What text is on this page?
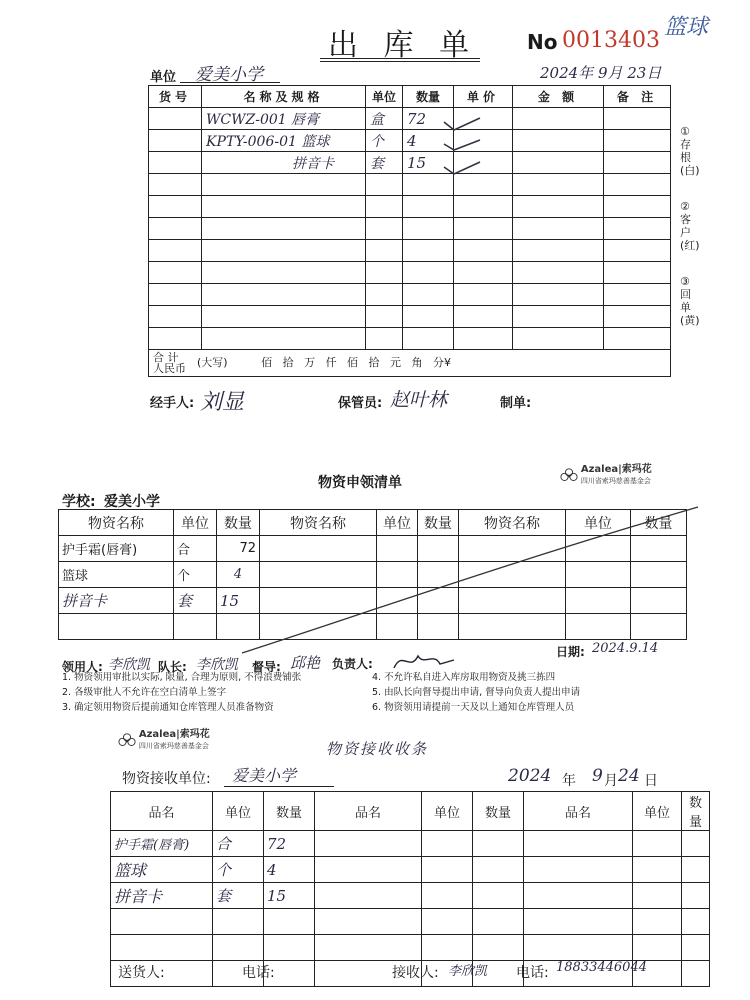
出 库 单 No 0013403
篮球
单位 爱美小学	2024年 9月 23日
货号	名称及规格	单位	数量	单价	金 额	备 注
	WCWZ-001 唇膏	盒	72			
	KPTY-006-01 篮球	个	4			
	拼音卡	套	15			

合 计
人民币 (大写) 佰   拾   万   仟   佰   拾   元   角   分¥						
①存根(白)
②客户(红)
③回单(黄)
经手人: 刘显	保管员: 赵叶林	制单:
物资申领清单
Azalea|索玛花
四川省索玛慈善基金会
学校: 爱美小学
物资名称	单位	数量	物资名称	单位	数量	物资名称	单位	数量
护手霜(唇膏)	合	72						
篮球	个	4						
拼音卡	套	15						

日期: 2024.9.14
领用人: 李欣凯 队长: 李欣凯 督导: 邱艳 负责人:
1. 物资领用审批以实际, 限量, 合理为原则, 不得浪费铺张
2. 各级审批人不允许在空白清单上签字
3. 确定领用物资后提前通知仓库管理人员准备物资
4. 不允许私自进入库房取用物资及挑三拣四
5. 由队长向督导提出申请, 督导向负责人提出申请
6. 物资领用请提前一天及以上通知仓库管理人员
Azalea|索玛花
四川省索玛慈善基金会	物资接收收条
物资接收单位: 爱美小学	2024 年 9 月 24 日
品名	单位	数量	品名	单位	数量	品名	单位	数量
护手霜(唇膏)	合	72						
篮球	个	4						
拼音卡	套	15						

送货人:	电话:	接收人: 李欣凯 电话: 18833446044
